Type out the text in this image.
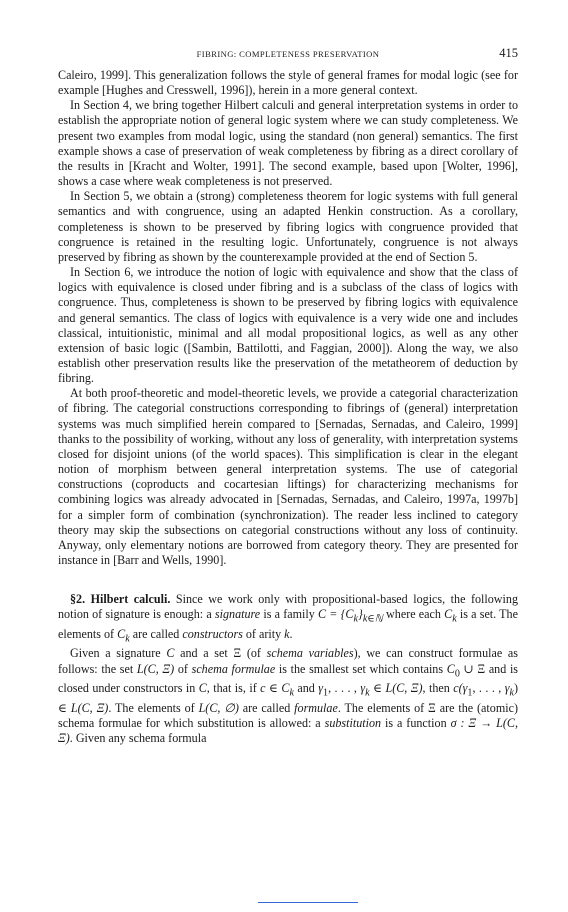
FIBRING: COMPLETENESS PRESERVATION	415

Caleiro, 1999]. This generalization follows the style of general frames for modal logic (see for example [Hughes and Cresswell, 1996]), herein in a more general context.

In Section 4, we bring together Hilbert calculi and general interpretation systems in order to establish the appropriate notion of general logic system where we can study completeness. We present two examples from modal logic, using the standard (non general) semantics. The first example shows a case of preservation of weak completeness by fibring as a direct corollary of the results in [Kracht and Wolter, 1991]. The second example, based upon [Wolter, 1996], shows a case where weak completeness is not preserved.

In Section 5, we obtain a (strong) completeness theorem for logic systems with full general semantics and with congruence, using an adapted Henkin construction. As a corollary, completeness is shown to be preserved by fibring logics with congruence provided that congruence is retained in the resulting logic. Unfortunately, congruence is not always preserved by fibring as shown by the counterexample provided at the end of Section 5.

In Section 6, we introduce the notion of logic with equivalence and show that the class of logics with equivalence is closed under fibring and is a subclass of the class of logics with congruence. Thus, completeness is shown to be preserved by fibring logics with equivalence and general semantics. The class of logics with equivalence is a very wide one and includes classical, intuitionistic, minimal and all modal propositional logics, as well as any other extension of basic logic ([Sambin, Battilotti, and Faggian, 2000]). Along the way, we also establish other preservation results like the preservation of the metatheorem of deduction by fibring.

At both proof-theoretic and model-theoretic levels, we provide a categorial characterization of fibring. The categorial constructions corresponding to fibrings of (general) interpretation systems was much simplified herein compared to [Sernadas, Sernadas, and Caleiro, 1999] thanks to the possibility of working, without any loss of generality, with interpretation systems closed for disjoint unions (of the world spaces). This simplification is clear in the elegant notion of morphism between general interpretation systems. The use of categorial constructions (coproducts and cocartesian liftings) for characterizing mechanisms for combining logics was already advocated in [Sernadas, Sernadas, and Caleiro, 1997a, 1997b] for a simpler form of combination (synchronization). The reader less inclined to category theory may skip the subsections on categorial constructions without any loss of continuity. Anyway, only elementary notions are borrowed from category theory. They are presented for instance in [Barr and Wells, 1990].

§2. Hilbert calculi. Since we work only with propositional-based logics, the following notion of signature is enough: a signature is a family $C = \{C_k\}_{k\in ℕ}$ where each $C_k$ is a set. The elements of $C_k$ are called constructors of arity k.

Given a signature C and a set Ξ (of schema variables), we can construct formulae as follows: the set L(C, Ξ) of schema formulae is the smallest set which contains $C_0$ ∪ Ξ and is closed under constructors in C, that is, if c ∈ $C_k$ and $\gamma_1$, . . . , $\gamma_k$ ∈ L(C, Ξ), then $c(\gamma_1$, . . . , $\gamma_k$) ∈ L(C, Ξ). The elements of L(C, ∅) are called formulae. The elements of Ξ are the (atomic) schema formulae for which substitution is allowed: a substitution is a function σ : Ξ → L(C, Ξ). Given any schema formula
